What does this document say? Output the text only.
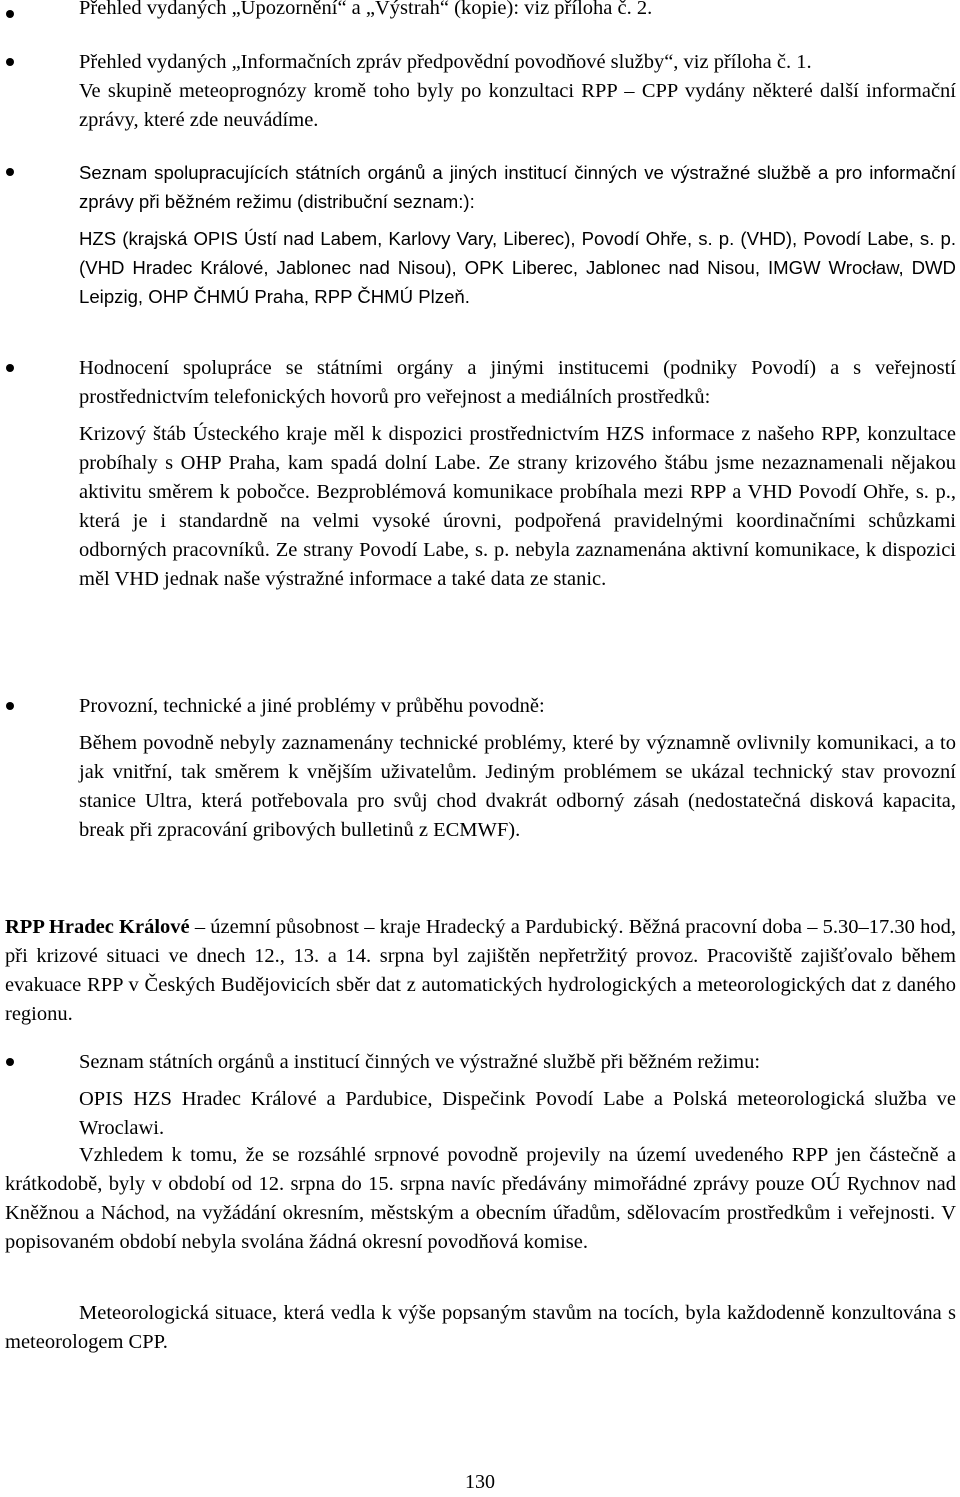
Přehled vydaných „Upozornění“ a „Výstrah“ (kopie): viz příloha č. 2.

Přehled vydaných „Informačních zpráv předpovědní povodňové služby“, viz příloha č. 1.

Ve skupině meteoprognózy kromě toho byly po konzultaci RPP – CPP vydány některé další informační zprávy, které zde neuvádíme.

Seznam spolupracujících státních orgánů a jiných institucí činných ve výstražné službě a pro informační zprávy při běžném režimu (distribuční seznam:):

HZS (krajská OPIS Ústí nad Labem, Karlovy Vary, Liberec), Povodí Ohře, s. p. (VHD), Povodí Labe, s. p. (VHD Hradec Králové, Jablonec nad Nisou), OPK Liberec, Jablonec nad Nisou, IMGW Wrocław, DWD Leipzig, OHP ČHMÚ Praha, RPP ČHMÚ Plzeň.

Hodnocení spolupráce se státními orgány a jinými institucemi (podniky Povodí) a s veřejností prostřednictvím telefonických hovorů pro veřejnost a mediálních prostředků:

Krizový štáb Ústeckého kraje měl k dispozici prostřednictvím HZS informace z našeho RPP, konzultace probíhaly s OHP Praha, kam spadá dolní Labe. Ze strany krizového štábu jsme nezaznamenali nějakou aktivitu směrem k pobočce. Bezproblémová komunikace probíhala mezi RPP a VHD Povodí Ohře, s. p., která je i standardně na velmi vysoké úrovni, podpořená pravidelnými koordinačními schůzkami odborných pracovníků. Ze strany Povodí Labe, s. p. nebyla zaznamenána aktivní komunikace, k dispozici měl VHD jednak naše výstražné informace a také data ze stanic.

Provozní, technické a jiné problémy v průběhu povodně:

Během povodně nebyly zaznamenány technické problémy, které by významně ovlivnily komunikaci, a to jak vnitřní, tak směrem k vnějším uživatelům. Jediným problémem se ukázal technický stav provozní stanice Ultra, která potřebovala pro svůj chod dvakrát odborný zásah (nedostatečná disková kapacita, break při zpracování gribových bulletinů z ECMWF).

RPP Hradec Králové – územní působnost – kraje Hradecký a Pardubický. Běžná pracovní doba – 5.30–17.30 hod, při krizové situaci ve dnech 12., 13. a 14. srpna byl zajištěn nepřetržitý provoz. Pracoviště zajišťovalo během evakuace RPP v Českých Budějovicích sběr dat z automatických hydrologických a meteorologických dat z daného regionu.

Seznam státních orgánů a institucí činných ve výstražné službě při běžném režimu:

OPIS HZS Hradec Králové a Pardubice, Dispečink Povodí Labe a Polská meteorologická služba ve Wroclawi.

Vzhledem k tomu, že se rozsáhlé srpnové povodně projevily na území uvedeného RPP jen částečně a krátkodobě, byly v období od 12. srpna do 15. srpna navíc předávány mimořádné zprávy pouze OÚ Rychnov nad Kněžnou a Náchod, na vyžádání okresním, městským a obecním úřadům, sdělovacím prostředkům i veřejnosti. V popisovaném období nebyla svolána žádná okresní povodňová komise.

Meteorologická situace, která vedla k výše popsaným stavům na tocích, byla každodenně konzultována s meteorologem CPP.

130
